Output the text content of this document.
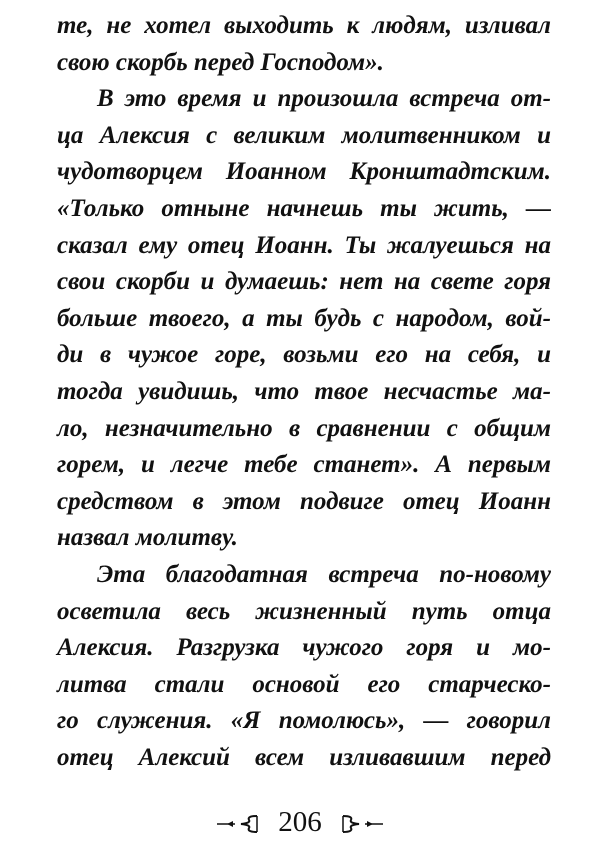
те, не хотел выходить к людям, изливал
свою скорбь перед Господом».
В это время и произошла встреча от-
ца Алексия с великим молитвенником и
чудотворцем Иоанном Кронштадтским.
«Только отныне начнешь ты жить, —
сказал ему отец Иоанн. Ты жалуешься на
свои скорби и думаешь: нет на свете горя
больше твоего, а ты будь с народом, вой-
ди в чужое горе, возьми его на себя, и
тогда увидишь, что твое несчастье ма-
ло, незначительно в сравнении с общим
горем, и легче тебе станет». А первым
средством в этом подвиге отец Иоанн
назвал молитву.
Эта благодатная встреча по-новому
осветила весь жизненный путь отца
Алексия. Разгрузка чужого горя и мо-
литва стали основой его старческо-
го служения. «Я помолюсь», — говорил
отец Алексий всем изливавшим перед
206
